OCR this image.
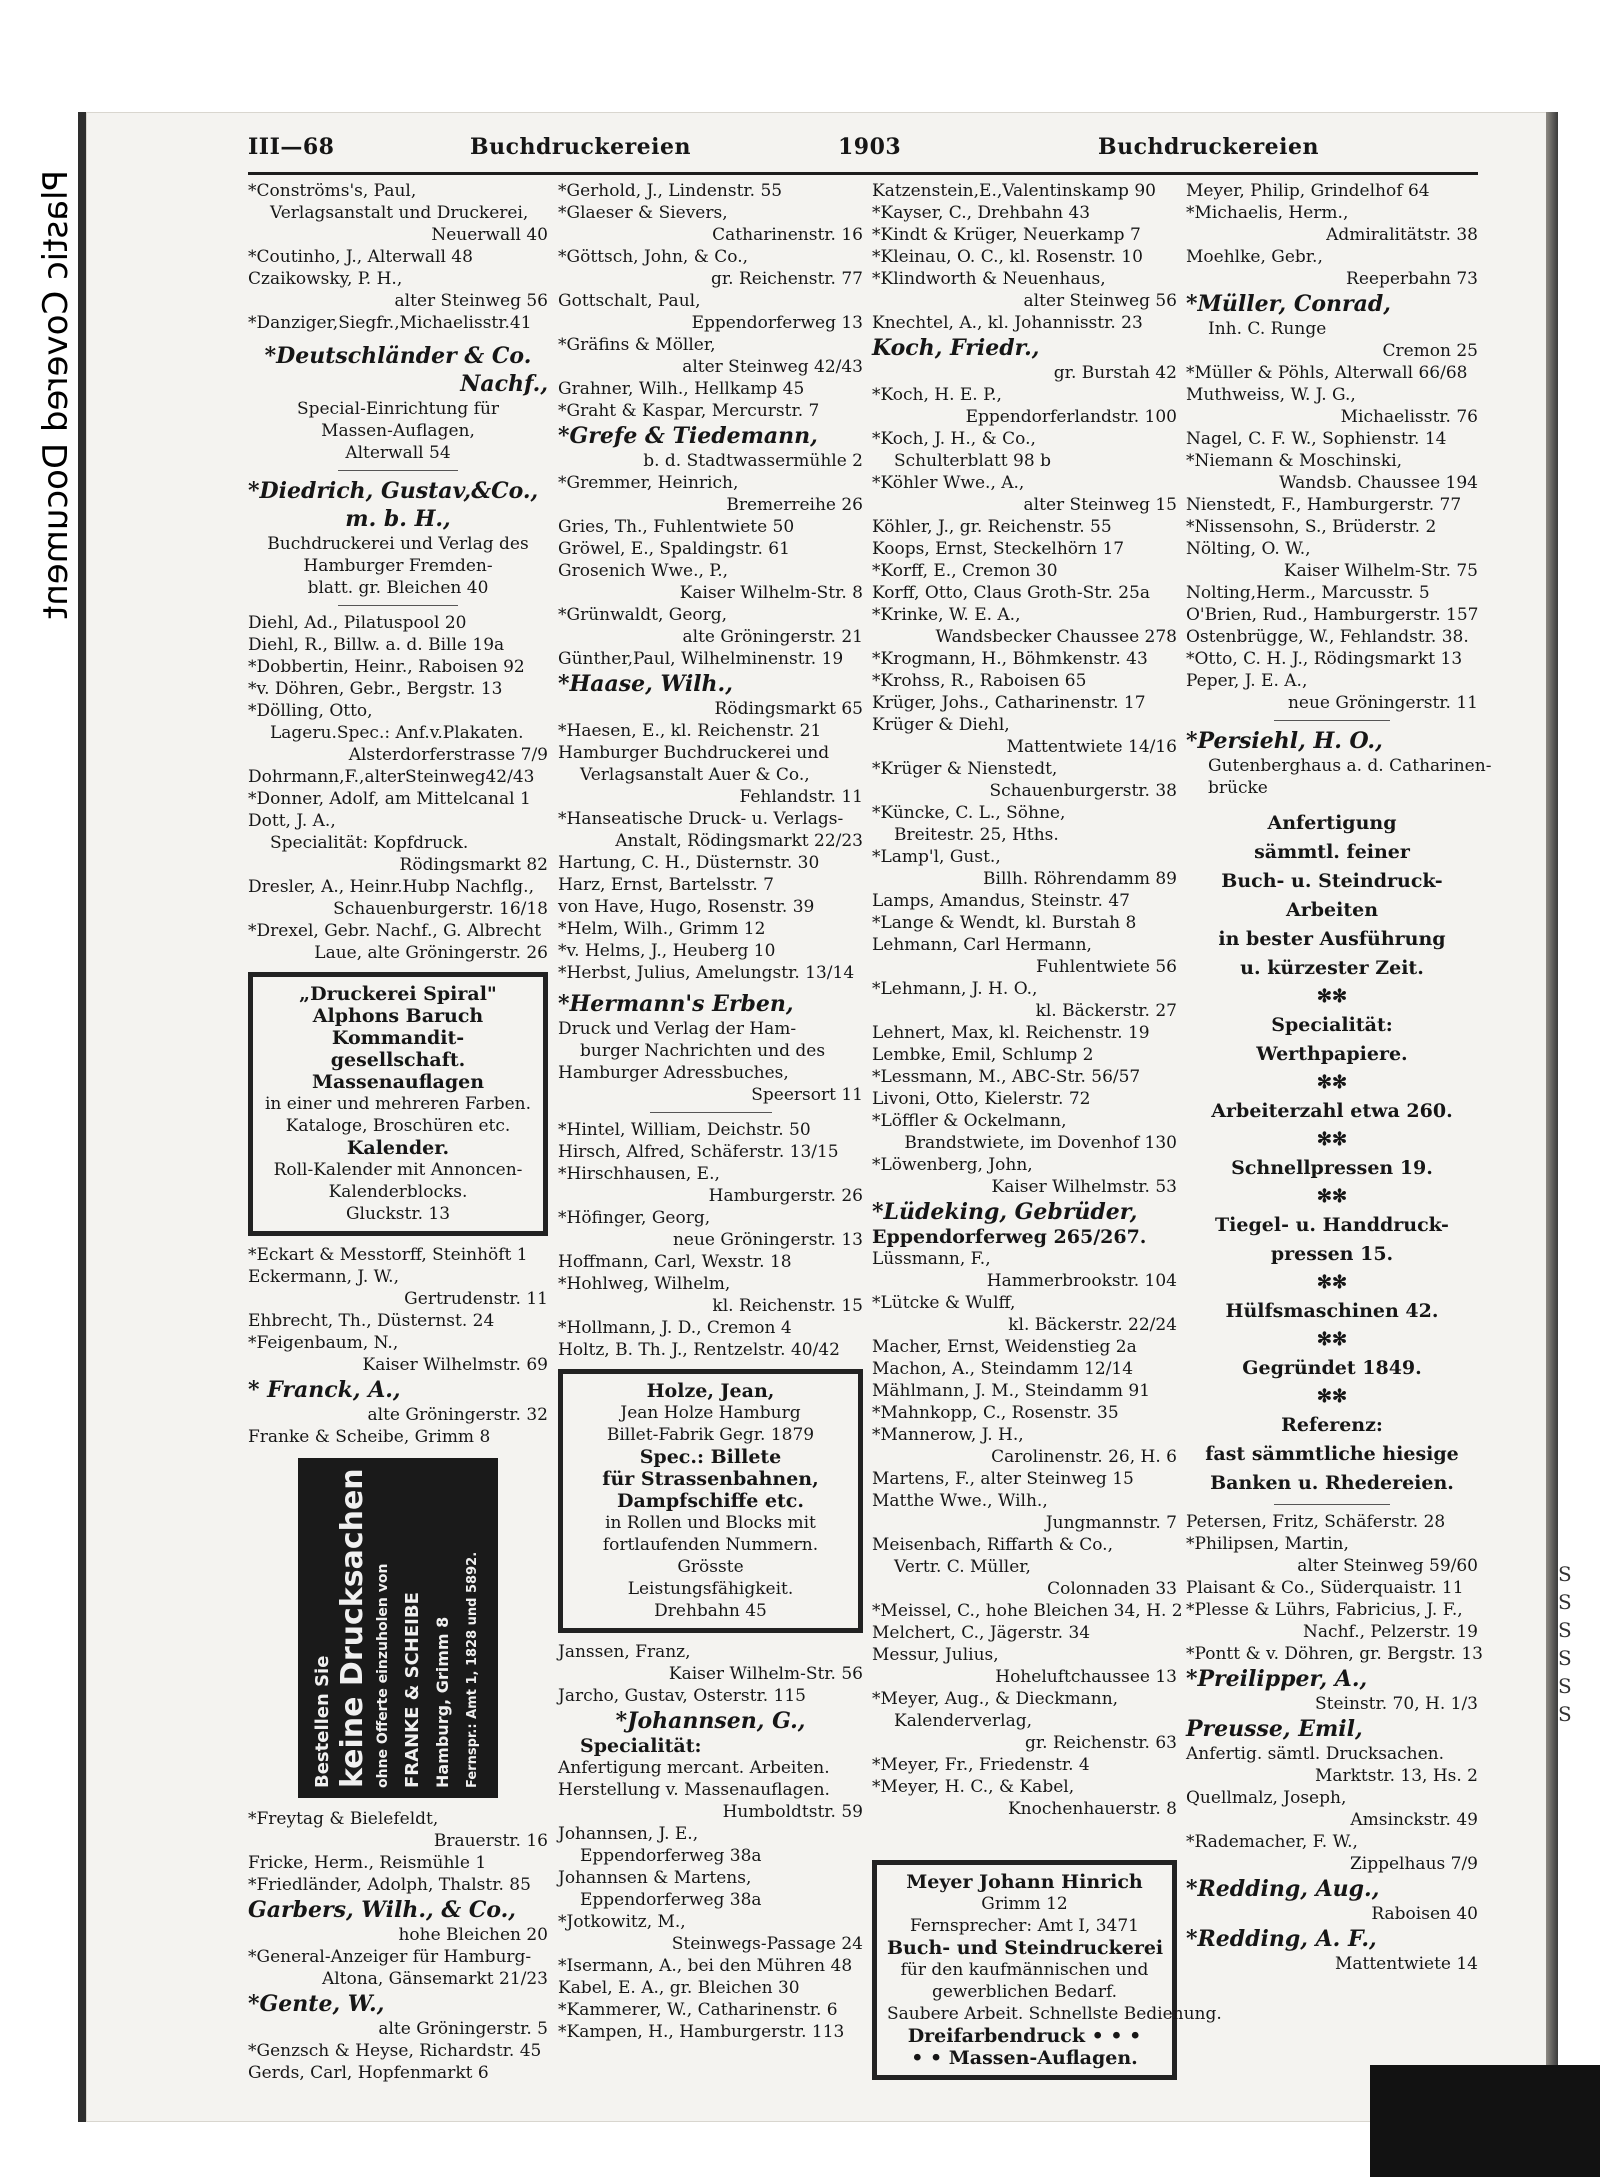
Plastic Covered Document
III—68	Buchdruckereien	1903	Buchdruckereien
*Conströms's, Paul,
Verlagsanstalt und Druckerei,
Neuerwall 40
*Coutinho, J., Alterwall 48
Czaikowsky, P. H.,
alter Steinweg 56
*Danziger,Siegfr.,Michaelisstr.41
*Deutschländer & Co.
Nachf.,
Special-Einrichtung für
Massen-Auflagen,
Alterwall 54
*Diedrich, Gustav,&Co.,
m. b. H.,
Buchdruckerei und Verlag des
Hamburger Fremden-
blatt. gr. Bleichen 40
Diehl, Ad., Pilatuspool 20
Diehl, R., Billw. a. d. Bille 19a
*Dobbertin, Heinr., Raboisen 92
*v. Döhren, Gebr., Bergstr. 13
*Dölling, Otto,
Lageru.Spec.: Anf.v.Plakaten.
Alsterdorferstrasse 7/9
Dohrmann,F.,alterSteinweg42/43
*Donner, Adolf, am Mittelcanal 1
Dott, J. A.,
Specialität: Kopfdruck.
Rödingsmarkt 82
Dresler, A., Heinr.Hubp Nachflg.,
Schauenburgerstr. 16/18
*Drexel, Gebr. Nachf., G. Albrecht
Laue, alte Gröningerstr. 26
„Druckerei Spiral"
Alphons Baruch
Kommandit-
gesellschaft.
Massenauflagen
in einer und mehreren Farben.
Kataloge, Broschüren etc.
Kalender.
Roll-Kalender mit Annoncen-
Kalenderblocks.
Gluckstr. 13
*Eckart & Messtorff, Steinhöft 1
Eckermann, J. W.,
Gertrudenstr. 11
Ehbrecht, Th., Düsternst. 24
*Feigenbaum, N.,
Kaiser Wilhelmstr. 69
* Franck, A.,
alte Gröningerstr. 32
Franke & Scheibe, Grimm 8
Bestellen Sie keine Drucksachen ohne Offerte einzuholen von FRANKE & SCHEIBE Hamburg, Grimm 8 Fernspr.: Amt 1, 1828 und 5892.
*Freytag & Bielefeldt,
Brauerstr. 16
Fricke, Herm., Reismühle 1
*Friedländer, Adolph, Thalstr. 85
Garbers, Wilh., & Co.,
hohe Bleichen 20
*General-Anzeiger für Hamburg-
Altona, Gänsemarkt 21/23
*Gente, W.,
alte Gröningerstr. 5
*Genzsch & Heyse, Richardstr. 45
Gerds, Carl, Hopfenmarkt 6
*Gerhold, J., Lindenstr. 55
*Glaeser & Sievers,
Catharinenstr. 16
*Göttsch, John, & Co.,
gr. Reichenstr. 77
Gottschalt, Paul,
Eppendorferweg 13
*Gräfins & Möller,
alter Steinweg 42/43
Grahner, Wilh., Hellkamp 45
*Graht & Kaspar, Mercurstr. 7
*Grefe & Tiedemann,
b. d. Stadtwassermühle 2
*Gremmer, Heinrich,
Bremerreihe 26
Gries, Th., Fuhlentwiete 50
Gröwel, E., Spaldingstr. 61
Grosenich Wwe., P.,
Kaiser Wilhelm-Str. 8
*Grünwaldt, Georg,
alte Gröningerstr. 21
Günther,Paul, Wilhelminenstr. 19
*Haase, Wilh.,
Rödingsmarkt 65
*Haesen, E., kl. Reichenstr. 21
Hamburger Buchdruckerei und
Verlagsanstalt Auer & Co.,
Fehlandstr. 11
*Hanseatische Druck- u. Verlags-
Anstalt, Rödingsmarkt 22/23
Hartung, C. H., Düsternstr. 30
Harz, Ernst, Bartelsstr. 7
von Have, Hugo, Rosenstr. 39
*Helm, Wilh., Grimm 12
*v. Helms, J., Heuberg 10
*Herbst, Julius, Amelungstr. 13/14
*Hermann's Erben,
Druck und Verlag der Ham-
burger Nachrichten und des
Hamburger Adressbuches,
Speersort 11
*Hintel, William, Deichstr. 50
Hirsch, Alfred, Schäferstr. 13/15
*Hirschhausen, E.,
Hamburgerstr. 26
*Höfinger, Georg,
neue Gröningerstr. 13
Hoffmann, Carl, Wexstr. 18
*Hohlweg, Wilhelm,
kl. Reichenstr. 15
*Hollmann, J. D., Cremon 4
Holtz, B. Th. J., Rentzelstr. 40/42
Holze, Jean,
Jean Holze Hamburg
Billet-Fabrik Gegr. 1879
Spec.: Billete
für Strassenbahnen,
Dampfschiffe etc.
in Rollen und Blocks mit
fortlaufenden Nummern.
Grösste
Leistungsfähigkeit.
Drehbahn 45
Janssen, Franz,
Kaiser Wilhelm-Str. 56
Jarcho, Gustav, Osterstr. 115
*Johannsen, G.,
Specialität:
Anfertigung mercant. Arbeiten.
Herstellung v. Massenauflagen.
Humboldtstr. 59
Johannsen, J. E.,
Eppendorferweg 38a
Johannsen & Martens,
Eppendorferweg 38a
*Jotkowitz, M.,
Steinwegs-Passage 24
*Isermann, A., bei den Mühren 48
Kabel, E. A., gr. Bleichen 30
*Kammerer, W., Catharinenstr. 6
*Kampen, H., Hamburgerstr. 113
Katzenstein,E.,Valentinskamp 90
*Kayser, C., Drehbahn 43
*Kindt & Krüger, Neuerkamp 7
*Kleinau, O. C., kl. Rosenstr. 10
*Klindworth & Neuenhaus,
alter Steinweg 56
Knechtel, A., kl. Johannisstr. 23
Koch, Friedr.,
gr. Burstah 42
*Koch, H. E. P.,
Eppendorferlandstr. 100
*Koch, J. H., & Co.,
Schulterblatt 98 b
*Köhler Wwe., A.,
alter Steinweg 15
Köhler, J., gr. Reichenstr. 55
Koops, Ernst, Steckelhörn 17
*Korff, E., Cremon 30
Korff, Otto, Claus Groth-Str. 25a
*Krinke, W. E. A.,
Wandsbecker Chaussee 278
*Krogmann, H., Böhmkenstr. 43
*Krohss, R., Raboisen 65
Krüger, Johs., Catharinenstr. 17
Krüger & Diehl,
Mattentwiete 14/16
*Krüger & Nienstedt,
Schauenburgerstr. 38
*Küncke, C. L., Söhne,
Breitestr. 25, Hths.
*Lamp'l, Gust.,
Billh. Röhrendamm 89
Lamps, Amandus, Steinstr. 47
*Lange & Wendt, kl. Burstah 8
Lehmann, Carl Hermann,
Fuhlentwiete 56
*Lehmann, J. H. O.,
kl. Bäckerstr. 27
Lehnert, Max, kl. Reichenstr. 19
Lembke, Emil, Schlump 2
*Lessmann, M., ABC-Str. 56/57
Livoni, Otto, Kielerstr. 72
*Löffler & Ockelmann,
Brandstwiete, im Dovenhof 130
*Löwenberg, John,
Kaiser Wilhelmstr. 53
*Lüdeking, Gebrüder,
Eppendorferweg 265/267.
Lüssmann, F.,
Hammerbrookstr. 104
*Lütcke & Wulff,
kl. Bäckerstr. 22/24
Macher, Ernst, Weidenstieg 2a
Machon, A., Steindamm 12/14
Mählmann, J. M., Steindamm 91
*Mahnkopp, C., Rosenstr. 35
*Mannerow, J. H.,
Carolinenstr. 26, H. 6
Martens, F., alter Steinweg 15
Matthe Wwe., Wilh.,
Jungmannstr. 7
Meisenbach, Riffarth & Co.,
Vertr. C. Müller,
Colonnaden 33
*Meissel, C., hohe Bleichen 34, H. 2
Melchert, C., Jägerstr. 34
Messur, Julius,
Hoheluftchaussee 13
*Meyer, Aug., & Dieckmann,
Kalenderverlag,
gr. Reichenstr. 63
*Meyer, Fr., Friedenstr. 4
*Meyer, H. C., & Kabel,
Knochenhauerstr. 8
Meyer Johann Hinrich
Grimm 12
Fernsprecher: Amt I, 3471
Buch- und Steindruckerei
für den kaufmännischen und
gewerblichen Bedarf.
Saubere Arbeit. Schnellste Bedienung.
Dreifarbendruck • • •
• • Massen-Auflagen.
Meyer, Philip, Grindelhof 64
*Michaelis, Herm.,
Admiralitätstr. 38
Moehlke, Gebr.,
Reeperbahn 73
*Müller, Conrad,
Inh. C. Runge
Cremon 25
*Müller & Pöhls, Alterwall 66/68
Muthweiss, W. J. G.,
Michaelisstr. 76
Nagel, C. F. W., Sophienstr. 14
*Niemann & Moschinski,
Wandsb. Chaussee 194
Nienstedt, F., Hamburgerstr. 77
*Nissensohn, S., Brüderstr. 2
Nölting, O. W.,
Kaiser Wilhelm-Str. 75
Nolting,Herm., Marcusstr. 5
O'Brien, Rud., Hamburgerstr. 157
Ostenbrügge, W., Fehlandstr. 38.
*Otto, C. H. J., Rödingsmarkt 13
Peper, J. E. A.,
neue Gröningerstr. 11
*Persiehl, H. O.,
Gutenberghaus a. d. Catharinen-
brücke
Anfertigung
sämmtl. feiner
Buch- u. Steindruck-
Arbeiten
in bester Ausführung
u. kürzester Zeit.
✻✻
Specialität:
Werthpapiere.
✻✻
Arbeiterzahl etwa 260.
✻✻
Schnellpressen 19.
✻✻
Tiegel- u. Handdruck-
pressen 15.
✻✻
Hülfsmaschinen 42.
✻✻
Gegründet 1849.
✻✻
Referenz:
fast sämmtliche hiesige
Banken u. Rhedereien.
Petersen, Fritz, Schäferstr. 28
*Philipsen, Martin,
alter Steinweg 59/60
Plaisant & Co., Süderquaistr. 11
*Plesse & Lührs, Fabricius, J. F.,
Nachf., Pelzerstr. 19
*Pontt & v. Döhren, gr. Bergstr. 13
*Preilipper, A.,
Steinstr. 70, H. 1/3
Preusse, Emil,
Anfertig. sämtl. Drucksachen.
Marktstr. 13, Hs. 2
Quellmalz, Joseph,
Amsinckstr. 49
*Rademacher, F. W.,
Zippelhaus 7/9
*Redding, Aug.,
Raboisen 40
*Redding, A. F.,
Mattentwiete 14
S
S
S
S
S
S
